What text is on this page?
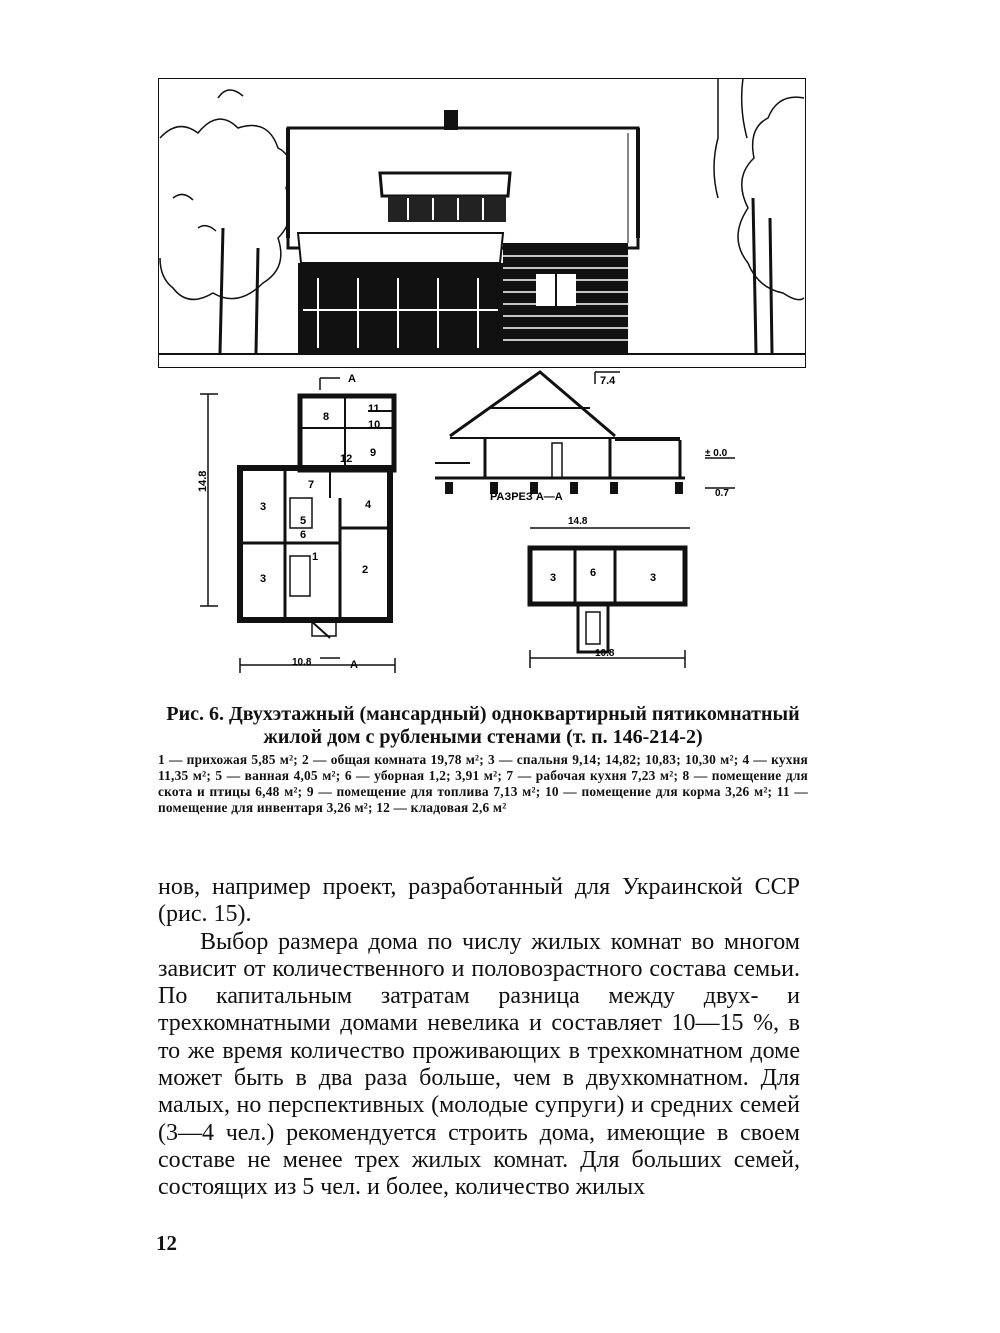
14.8
1
2
3
3
4
5
6
7
8
9
10
11
12
А
10.8	А
7.4
± 0.0
0.7
РАЗРЕЗ А—А
14.8
3	3
6
10.8
Рис. 6. Двухэтажный (мансардный) одноквартирный пятикомнатный жилой дом с рублеными стенами (т. п. 146-214-2)
1 — прихожая 5,85 м²; 2 — общая комната 19,78 м²; 3 — спальня 9,14; 14,82; 10,83; 10,30 м²; 4 — кухня 11,35 м²; 5 — ванная 4,05 м²; 6 — уборная 1,2; 3,91 м²; 7 — рабочая кухня 7,23 м²; 8 — помещение для скота и птицы 6,48 м²; 9 — помещение для топлива 7,13 м²; 10 — помещение для корма 3,26 м²; 11 — помещение для инвентаря 3,26 м²; 12 — кладовая 2,6 м²

нов, например проект, разработанный для Украинской ССР (рис. 15).

Выбор размера дома по числу жилых комнат во многом зависит от количественного и половозрастного состава семьи. По капитальным затратам разница между двух- и трехкомнатными домами невелика и составляет 10—15 %, в то же время количество проживающих в трехкомнатном доме может быть в два раза больше, чем в двухкомнатном. Для малых, но перспективных (молодые супруги) и средних семей (3—4 чел.) рекомендуется строить дома, имеющие в своем составе не менее трех жилых комнат. Для больших семей, состоящих из 5 чел. и более, количество жилых

12
